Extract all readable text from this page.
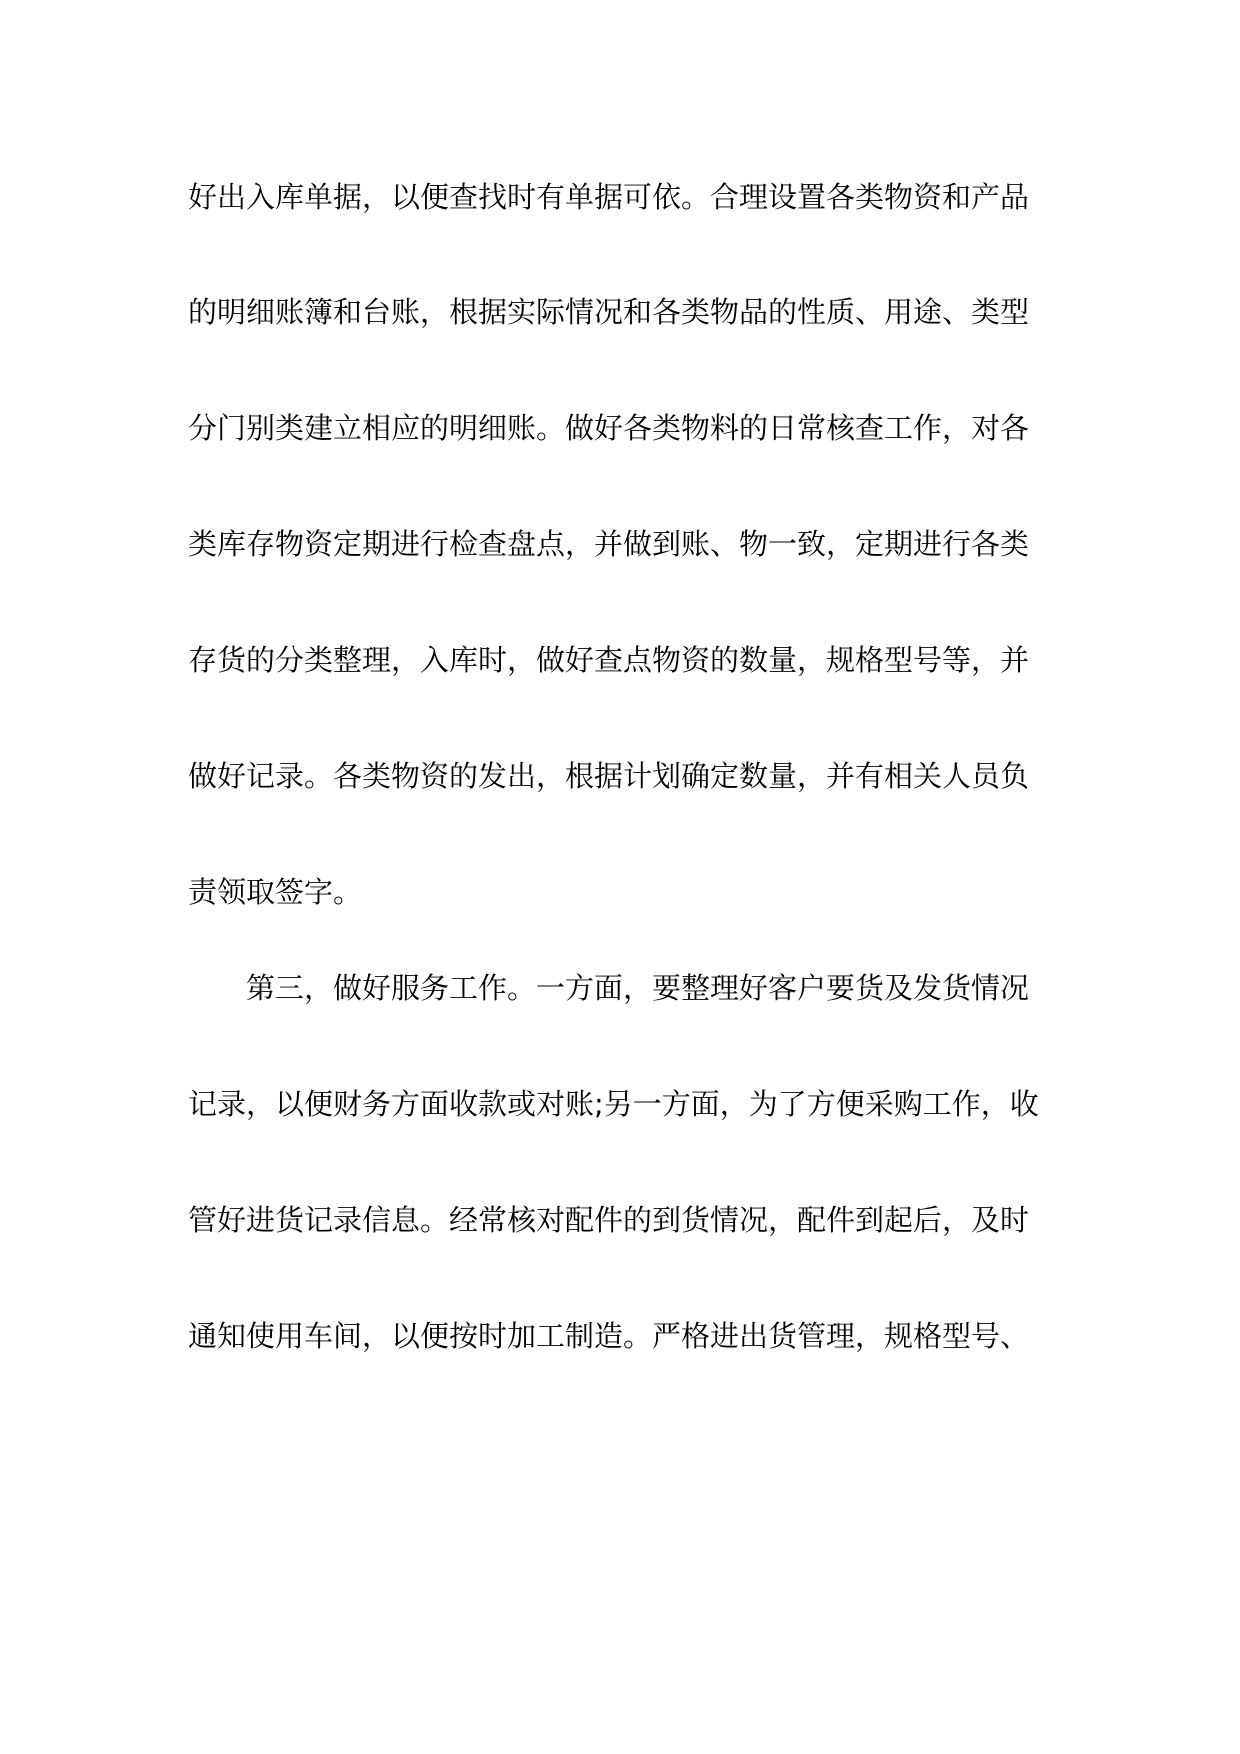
好出入库单据，以便查找时有单据可依。合理设置各类物资和产品
的明细账簿和台账，根据实际情况和各类物品的性质、用途、类型
分门别类建立相应的明细账。做好各类物料的日常核查工作，对各
类库存物资定期进行检查盘点，并做到账、物一致，定期进行各类
存货的分类整理，入库时，做好查点物资的数量，规格型号等，并
做好记录。各类物资的发出，根据计划确定数量，并有相关人员负
责领取签字。
第三，做好服务工作。一方面，要整理好客户要货及发货情况
记录，以便财务方面收款或对账;另一方面，为了方便采购工作，收
管好进货记录信息。经常核对配件的到货情况，配件到起后，及时
通知使用车间，以便按时加工制造。严格进出货管理，规格型号、
